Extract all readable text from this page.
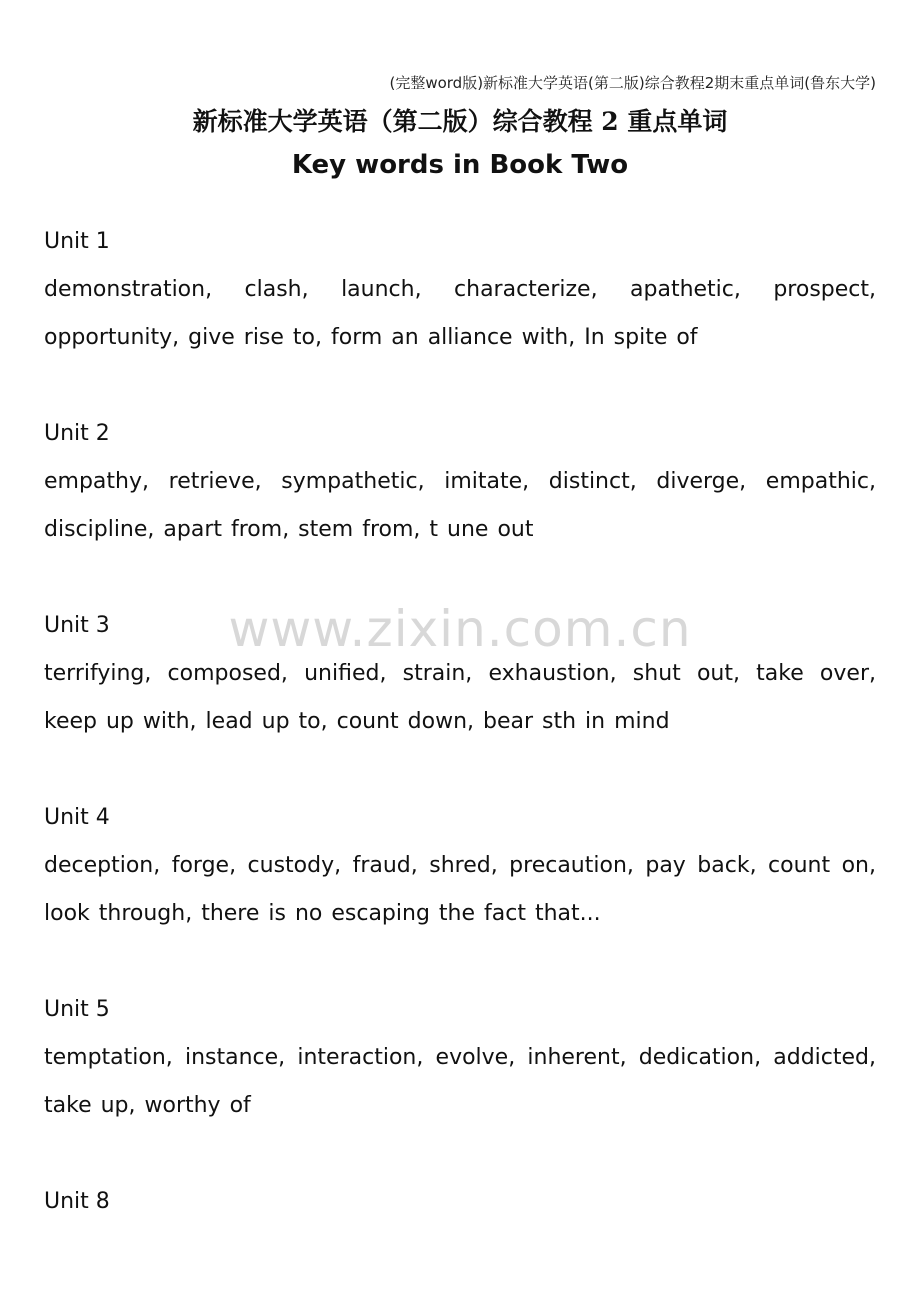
(完整word版)新标准大学英语(第二版)综合教程2期末重点单词(鲁东大学)
新标准大学英语（第二版）综合教程 2 重点单词
Key words in Book Two
Unit 1
demonstration, clash, launch, characterize, apathetic, prospect, opportunity, give rise to, form an alliance with, In spite of
Unit 2
empathy, retrieve, sympathetic, imitate, distinct, diverge, empathic, discipline, apart from, stem from, t une out
Unit 3
terrifying, composed, unified, strain, exhaustion, shut out, take over, keep up with, lead up to, count down, bear sth in mind
Unit 4
deception, forge, custody, fraud, shred, precaution, pay back, count on, look through, there is no escaping the fact that...
Unit 5
temptation, instance, interaction, evolve, inherent, dedication, addicted, take up, worthy of
Unit 8
www.zixin.com.cn
